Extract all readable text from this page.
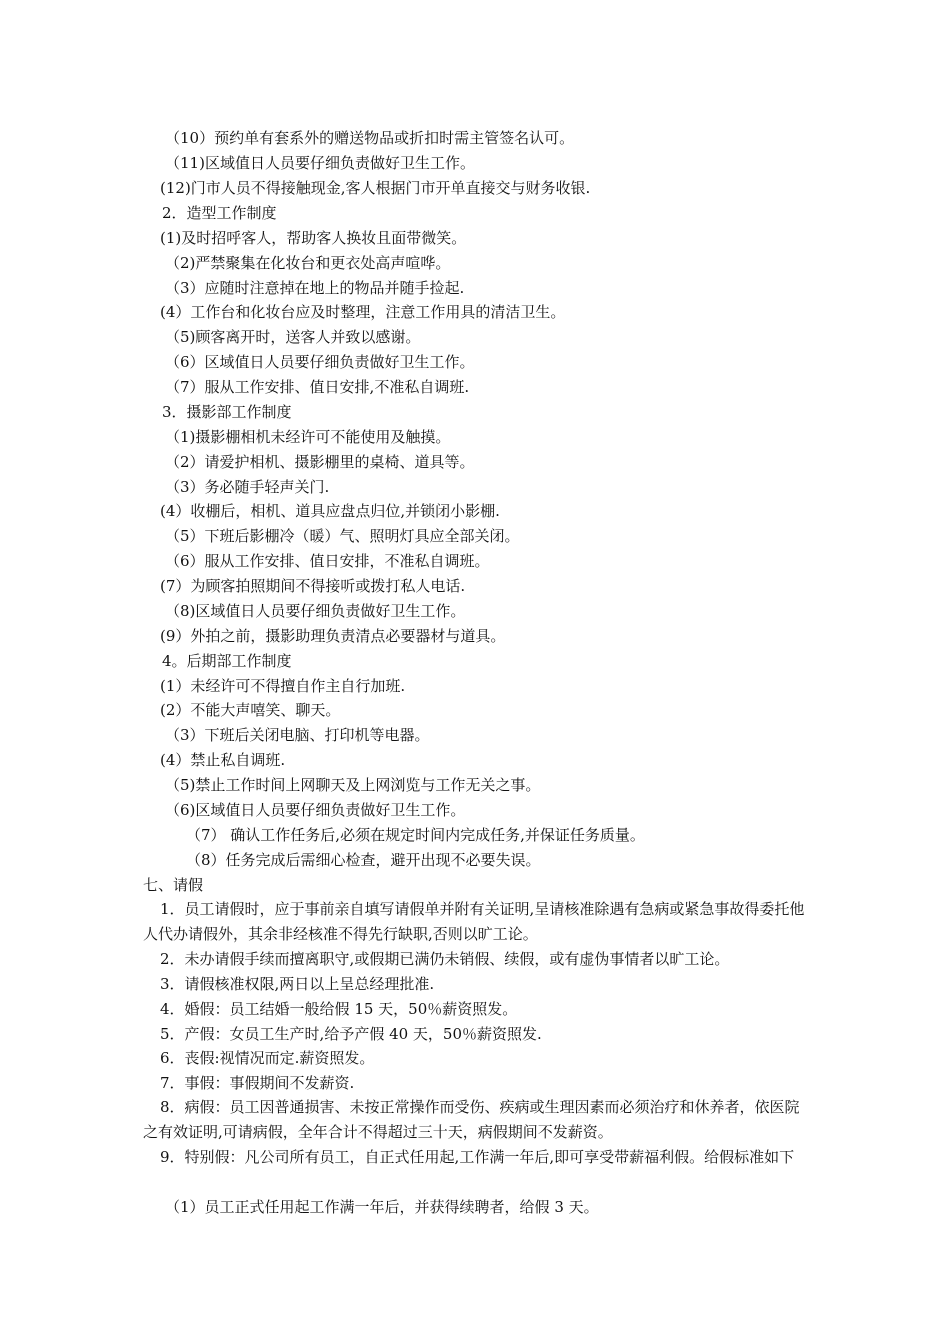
（10）预约单有套系外的赠送物品或折扣时需主管签名认可。
（11)区域值日人员要仔细负责做好卫生工作。
(12)门市人员不得接触现金,客人根据门市开单直接交与财务收银.
2．造型工作制度
(1)及时招呼客人，帮助客人换妆且面带微笑。
（2)严禁聚集在化妆台和更衣处高声喧哗。
（3）应随时注意掉在地上的物品并随手捡起.
(4）工作台和化妆台应及时整理，注意工作用具的清洁卫生。
（5)顾客离开时，送客人并致以感谢。
（6）区域值日人员要仔细负责做好卫生工作。
（7）服从工作安排、值日安排,不准私自调班.
3．摄影部工作制度
（1)摄影棚相机未经许可不能使用及触摸。
（2）请爱护相机、摄影棚里的桌椅、道具等。
（3）务必随手轻声关门.
(4）收棚后，相机、道具应盘点归位,并锁闭小影棚.
（5）下班后影棚冷（暖）气、照明灯具应全部关闭。
（6）服从工作安排、值日安排，不准私自调班。
(7）为顾客拍照期间不得接听或拨打私人电话.
（8)区域值日人员要仔细负责做好卫生工作。
(9）外拍之前，摄影助理负责清点必要器材与道具。
4。后期部工作制度
(1）未经许可不得擅自作主自行加班.
(2）不能大声嘻笑、聊天。
（3）下班后关闭电脑、打印机等电器。
(4）禁止私自调班.
（5)禁止工作时间上网聊天及上网浏览与工作无关之事。
（6)区域值日人员要仔细负责做好卫生工作。
（7） 确认工作任务后,必须在规定时间内完成任务,并保证任务质量。
（8）任务完成后需细心检查，避开出现不必要失误。
七、请假
1．员工请假时，应于事前亲自填写请假单并附有关证明,呈请核准除遇有急病或紧急事故得委托他人代办请假外，其余非经核准不得先行缺职,否则以旷工论。
2．未办请假手续而擅离职守,或假期已满仍未销假、续假，或有虚伪事情者以旷工论。
3．请假核准权限,两日以上呈总经理批准.
4．婚假：员工结婚一般给假 15 天，50％薪资照发。
5．产假：女员工生产时,给予产假 40 天，50％薪资照发.
6．丧假:视情况而定.薪资照发。
7．事假：事假期间不发薪资.
8．病假：员工因普通损害、未按正常操作而受伤、疾病或生理因素而必须治疗和休养者，依医院之有效证明,可请病假，全年合计不得超过三十天，病假期间不发薪资。
9．特别假：凡公司所有员工，自正式任用起,工作满一年后,即可享受带薪福利假。给假标准如下
（1）员工正式任用起工作满一年后，并获得续聘者，给假 3 天。
